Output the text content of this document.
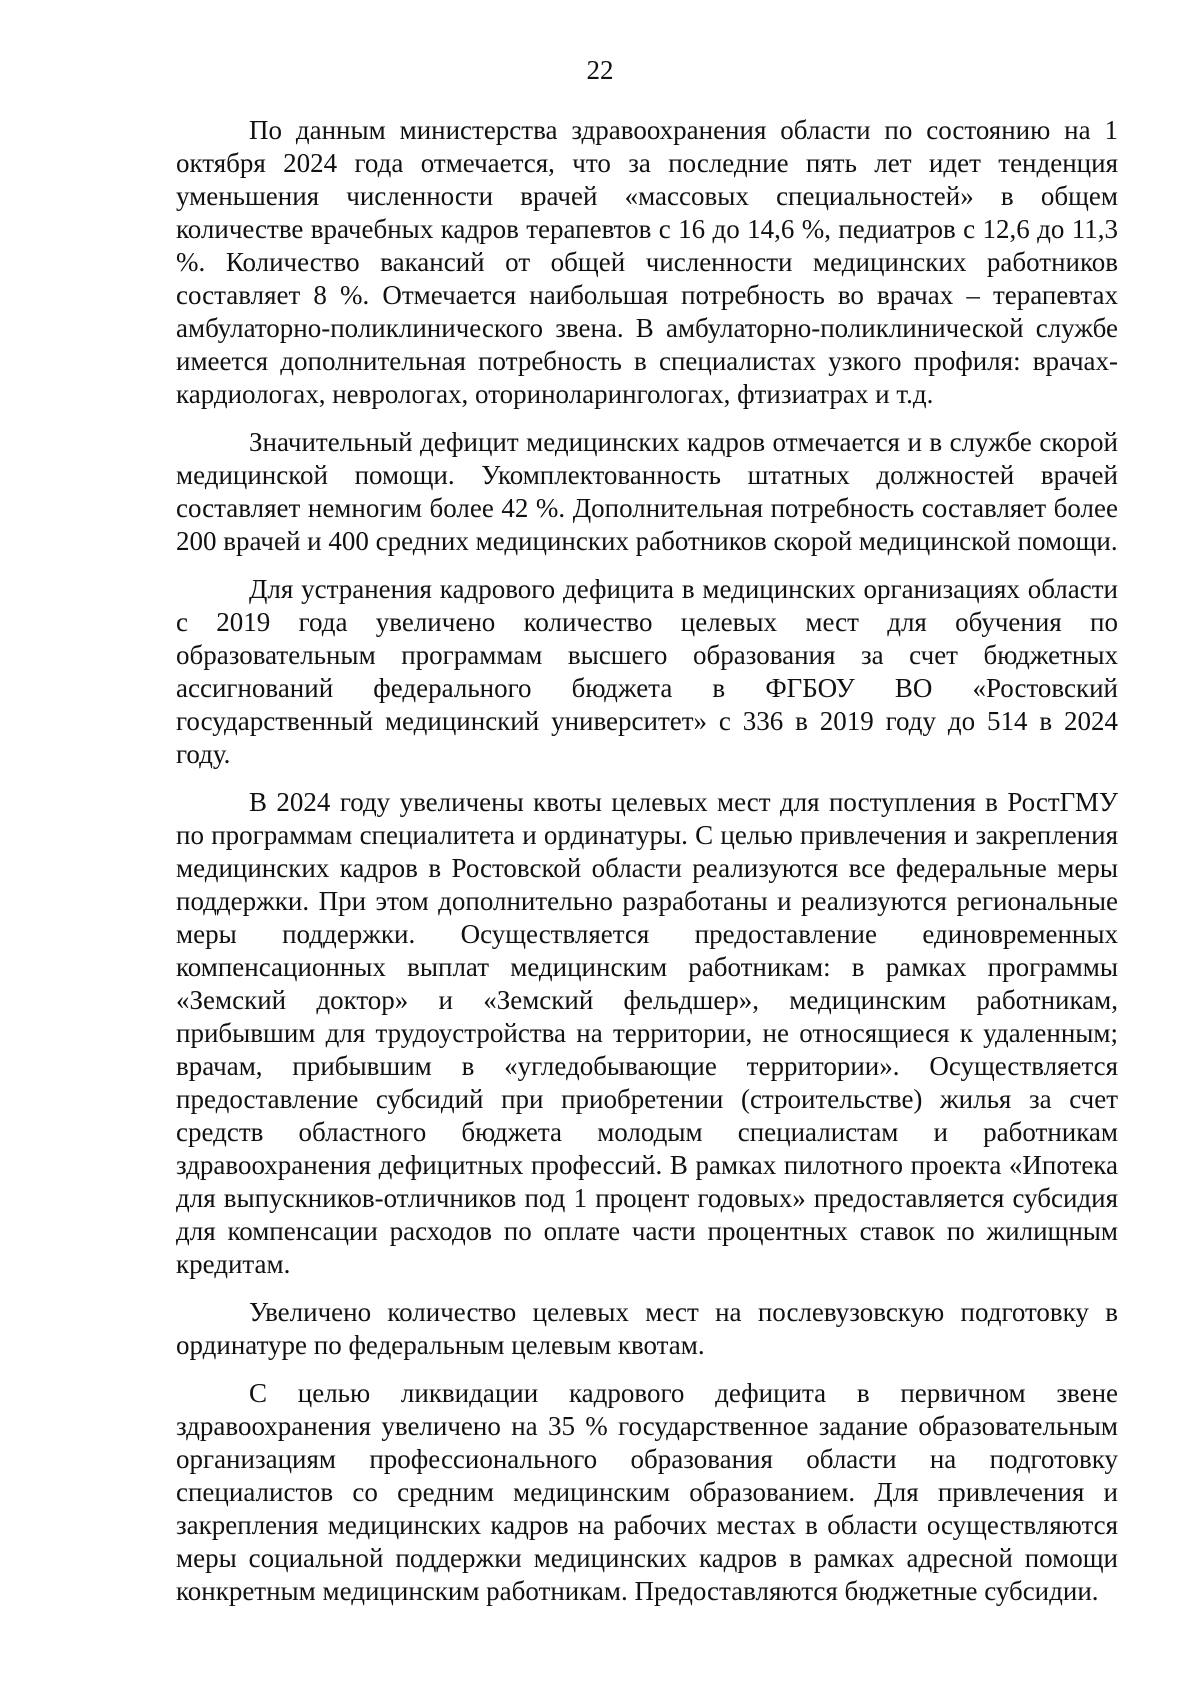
22

По данным министерства здравоохранения области по состоянию на 1 октября 2024 года отмечается, что за последние пять лет идет тенденция уменьшения численности врачей «массовых специальностей» в общем количестве врачебных кадров терапевтов с 16 до 14,6 %, педиатров с 12,6 до 11,3 %. Количество вакансий от общей численности медицинских работников составляет 8 %. Отмечается наибольшая потребность во врачах – терапевтах амбулаторно-поликлинического звена. В амбулаторно-поликлинической службе имеется дополнительная потребность в специалистах узкого профиля: врачах-кардиологах, неврологах, оториноларингологах, фтизиатрах и т.д.

Значительный дефицит медицинских кадров отмечается и в службе скорой медицинской помощи. Укомплектованность штатных должностей врачей составляет немногим более 42 %. Дополнительная потребность составляет более 200 врачей и 400 средних медицинских работников скорой медицинской помощи.

Для устранения кадрового дефицита в медицинских организациях области с 2019 года увеличено количество целевых мест для обучения по образовательным программам высшего образования за счет бюджетных ассигнований федерального бюджета в ФГБОУ ВО «Ростовский государственный медицинский университет» с 336 в 2019 году до 514 в 2024 году.

В 2024 году увеличены квоты целевых мест для поступления в РостГМУ по программам специалитета и ординатуры. С целью привлечения и закрепления медицинских кадров в Ростовской области реализуются все федеральные меры поддержки. При этом дополнительно разработаны и реализуются региональные меры поддержки. Осуществляется предоставление единовременных компенсационных выплат медицинским работникам: в рамках программы «Земский доктор» и «Земский фельдшер», медицинским работникам, прибывшим для трудоустройства на территории, не относящиеся к удаленным; врачам, прибывшим в «угледобывающие территории». Осуществляется предоставление субсидий при приобретении (строительстве) жилья за счет средств областного бюджета молодым специалистам и работникам здравоохранения дефицитных профессий. В рамках пилотного проекта «Ипотека для выпускников-отличников под 1 процент годовых» предоставляется субсидия для компенсации расходов по оплате части процентных ставок по жилищным кредитам.

Увеличено количество целевых мест на послевузовскую подготовку в ординатуре по федеральным целевым квотам.

С целью ликвидации кадрового дефицита в первичном звене здравоохранения увеличено на 35 % государственное задание образовательным организациям профессионального образования области на подготовку специалистов со средним медицинским образованием. Для привлечения и закрепления медицинских кадров на рабочих местах в области осуществляются меры социальной поддержки медицинских кадров в рамках адресной помощи конкретным медицинским работникам. Предоставляются бюджетные субсидии.
